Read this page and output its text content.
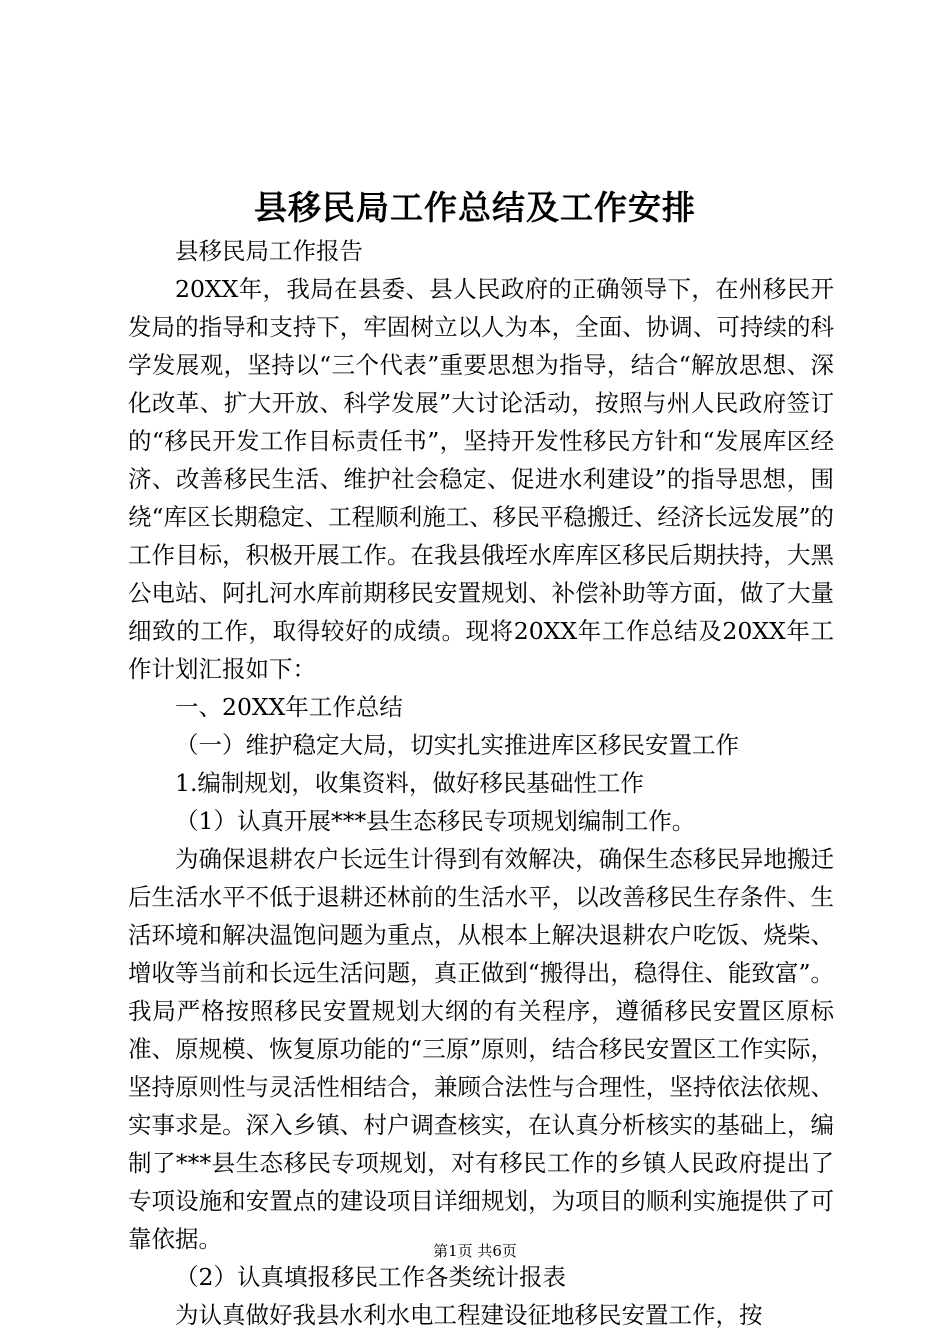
县移民局工作总结及工作安排

县移民局工作报告

20XX年，我局在县委、县人民政府的正确领导下，在州移民开发局的指导和支持下，牢固树立以人为本，全面、协调、可持续的科学发展观，坚持以“三个代表”重要思想为指导，结合“解放思想、深化改革、扩大开放、科学发展”大讨论活动，按照与州人民政府签订的“移民开发工作目标责任书”，坚持开发性移民方针和“发展库区经济、改善移民生活、维护社会稳定、促进水利建设”的指导思想，围绕“库区长期稳定、工程顺利施工、移民平稳搬迁、经济长远发展”的工作目标，积极开展工作。在我县俄垤水库库区移民后期扶持，大黑公电站、阿扎河水库前期移民安置规划、补偿补助等方面，做了大量细致的工作，取得较好的成绩。现将20XX年工作总结及20XX年工作计划汇报如下：

一、20XX年工作总结

（一）维护稳定大局，切实扎实推进库区移民安置工作

1.编制规划，收集资料，做好移民基础性工作

（1）认真开展***县生态移民专项规划编制工作。

为确保退耕农户长远生计得到有效解决，确保生态移民异地搬迁后生活水平不低于退耕还林前的生活水平，以改善移民生存条件、生活环境和解决温饱问题为重点，从根本上解决退耕农户吃饭、烧柴、增收等当前和长远生活问题，真正做到“搬得出，稳得住、能致富”。我局严格按照移民安置规划大纲的有关程序，遵循移民安置区原标准、原规模、恢复原功能的“三原”原则，结合移民安置区工作实际，坚持原则性与灵活性相结合，兼顾合法性与合理性，坚持依法依规、实事求是。深入乡镇、村户调查核实，在认真分析核实的基础上，编制了***县生态移民专项规划，对有移民工作的乡镇人民政府提出了专项设施和安置点的建设项目详细规划，为项目的顺利实施提供了可靠依据。

（2）认真填报移民工作各类统计报表

为认真做好我县水利水电工程建设征地移民安置工作，按

第1页 共6页
